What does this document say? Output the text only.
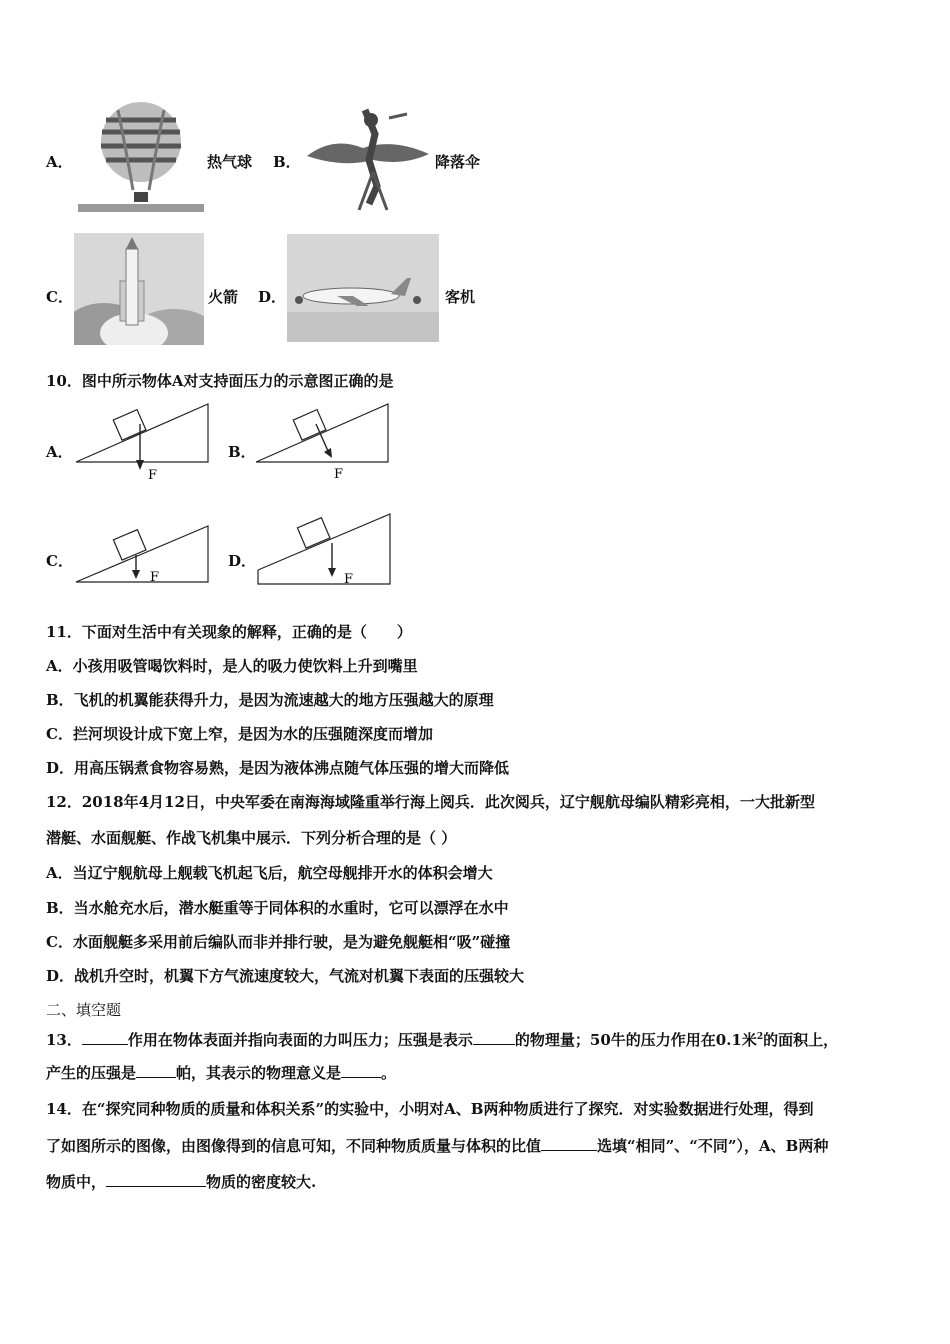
A．	热气球 B．	降落伞
C．	火箭 D．	客机
10．图中所示物体A对支持面压力的示意图正确的是
A．
F
B．
F
C．
F
D．
F
11．下面对生活中有关现象的解释，正确的是（　　）
A．小孩用吸管喝饮料时，是人的吸力使饮料上升到嘴里
B．飞机的机翼能获得升力，是因为流速越大的地方压强越大的原理
C．拦河坝设计成下宽上窄，是因为水的压强随深度而增加
D．用高压锅煮食物容易熟，是因为液体沸点随气体压强的增大而降低
12．2018年4月12日，中央军委在南海海域隆重举行海上阅兵．此次阅兵，辽宁舰航母编队精彩亮相，一大批新型
潜艇、水面舰艇、作战飞机集中展示．下列分析合理的是（ ）
A．当辽宁舰航母上舰载飞机起飞后，航空母舰排开水的体积会增大
B．当水舱充水后，潜水艇重等于同体积的水重时，它可以漂浮在水中
C．水面舰艇多采用前后编队而非并排行驶，是为避免舰艇相“吸”碰撞
D．战机升空时，机翼下方气流速度较大，气流对机翼下表面的压强较大
二、填空题
13．	作用在物体表面并指向表面的力叫压力；压强是表示	的物理量；50牛的压力作用在0.1米$^2$的面积上，
产生的压强是	帕，其表示的物理意义是	。
14．在“探究同种物质的质量和体积关系”的实验中，小明对A、B两种物质进行了探究．对实验数据进行处理，得到
了如图所示的图像，由图像得到的信息可知，不同种物质质量与体积的比值	选填“相同”、“不同”），A、B两种
物质中，	物质的密度较大.
